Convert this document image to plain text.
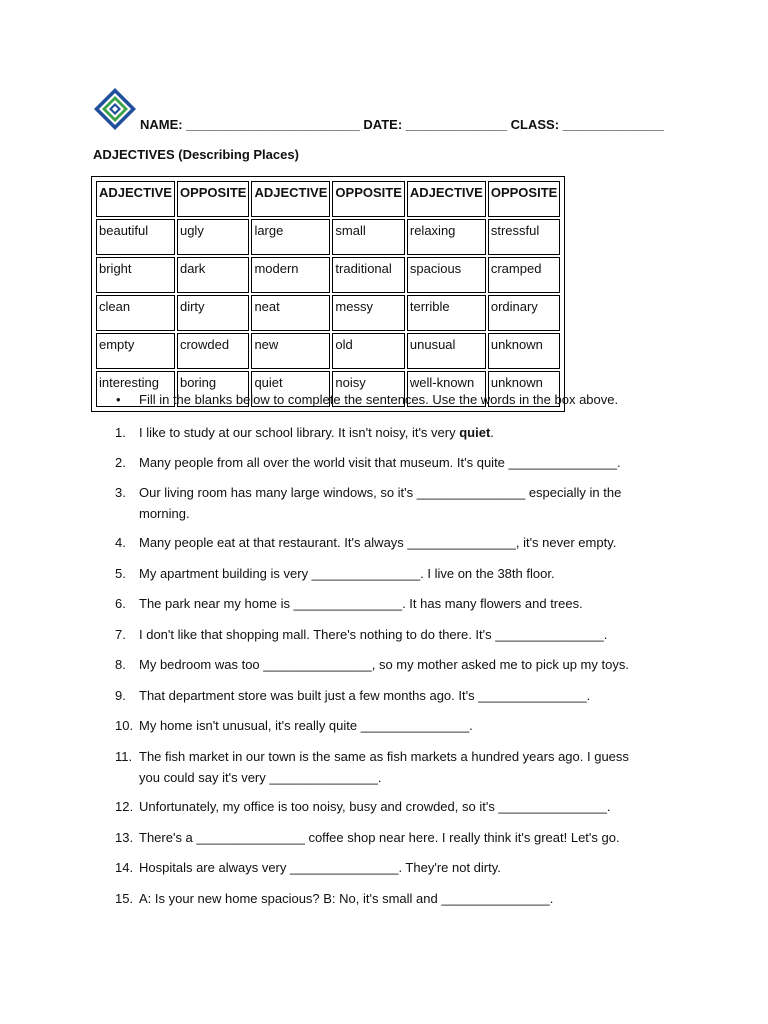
NAME: ________________________ DATE: ______________ CLASS: ______________
ADJECTIVES (Describing Places)
ADJECTIVE	OPPOSITE	ADJECTIVE	OPPOSITE	ADJECTIVE	OPPOSITE
beautiful	ugly	large	small	relaxing	stressful
bright	dark	modern	traditional	spacious	cramped
clean	dirty	neat	messy	terrible	ordinary
empty	crowded	new	old	unusual	unknown
interesting	boring	quiet	noisy	well-known	unknown
• Fill in the blanks below to complete the sentences. Use the words in the box above.
1. I like to study at our school library. It isn't noisy, it's very quiet.
2. Many people from all over the world visit that museum. It's quite _______________.
3. Our living room has many large windows, so it's _______________ especially in the
morning.
4. Many people eat at that restaurant. It's always _______________, it's never empty.
5. My apartment building is very _______________. I live on the 38th floor.
6. The park near my home is _______________. It has many flowers and trees.
7. I don't like that shopping mall. There's nothing to do there. It's _______________.
8. My bedroom was too _______________, so my mother asked me to pick up my toys.
9. That department store was built just a few months ago. It's _______________.
10. My home isn't unusual, it's really quite _______________.
11. The fish market in our town is the same as fish markets a hundred years ago. I guess
you could say it's very _______________.
12. Unfortunately, my office is too noisy, busy and crowded, so it's _______________.
13. There's a _______________ coffee shop near here. I really think it's great! Let's go.
14. Hospitals are always very _______________. They're not dirty.
15. A: Is your new home spacious? B: No, it's small and _______________.
